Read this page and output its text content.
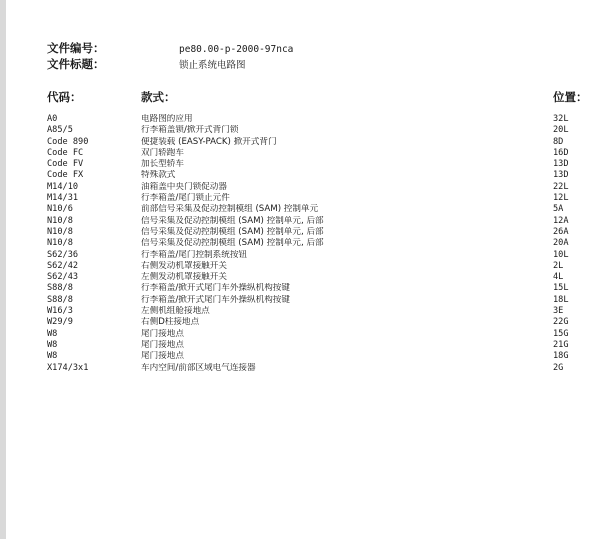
文件编号：	pe80.00-p-2000-97nca
文件标题：	锁止系统电路图
代码：	款式：	位置：
A0	电路图的应用	32L
A85/5	行李箱盖锁/掀开式背门锁	20L
Code 890	便捷装载 (EASY-PACK) 掀开式背门	8D
Code FC	双门轿跑车	16D
Code FV	加长型轿车	13D
Code FX	特殊款式	13D
M14/10	油箱盖中央门锁促动器	22L
M14/31	行李箱盖/尾门锁止元件	12L
N10/6	前部信号采集及促动控制模组 (SAM) 控制单元	5A
N10/8	信号采集及促动控制模组 (SAM) 控制单元, 后部	12A
N10/8	信号采集及促动控制模组 (SAM) 控制单元, 后部	26A
N10/8	信号采集及促动控制模组 (SAM) 控制单元, 后部	20A
S62/36	行李箱盖/尾门控制系统按钮	10L
S62/42	右侧发动机罩接触开关	2L
S62/43	左侧发动机罩接触开关	4L
S88/8	行李箱盖/掀开式尾门车外操纵机构按键	15L
S88/8	行李箱盖/掀开式尾门车外操纵机构按键	18L
W16/3	左侧机组舱接地点	3E
W29/9	右侧D柱接地点	22G
W8	尾门接地点	15G
W8	尾门接地点	21G
W8	尾门接地点	18G
X174/3x1	车内空间/前部区域电气连接器	2G
